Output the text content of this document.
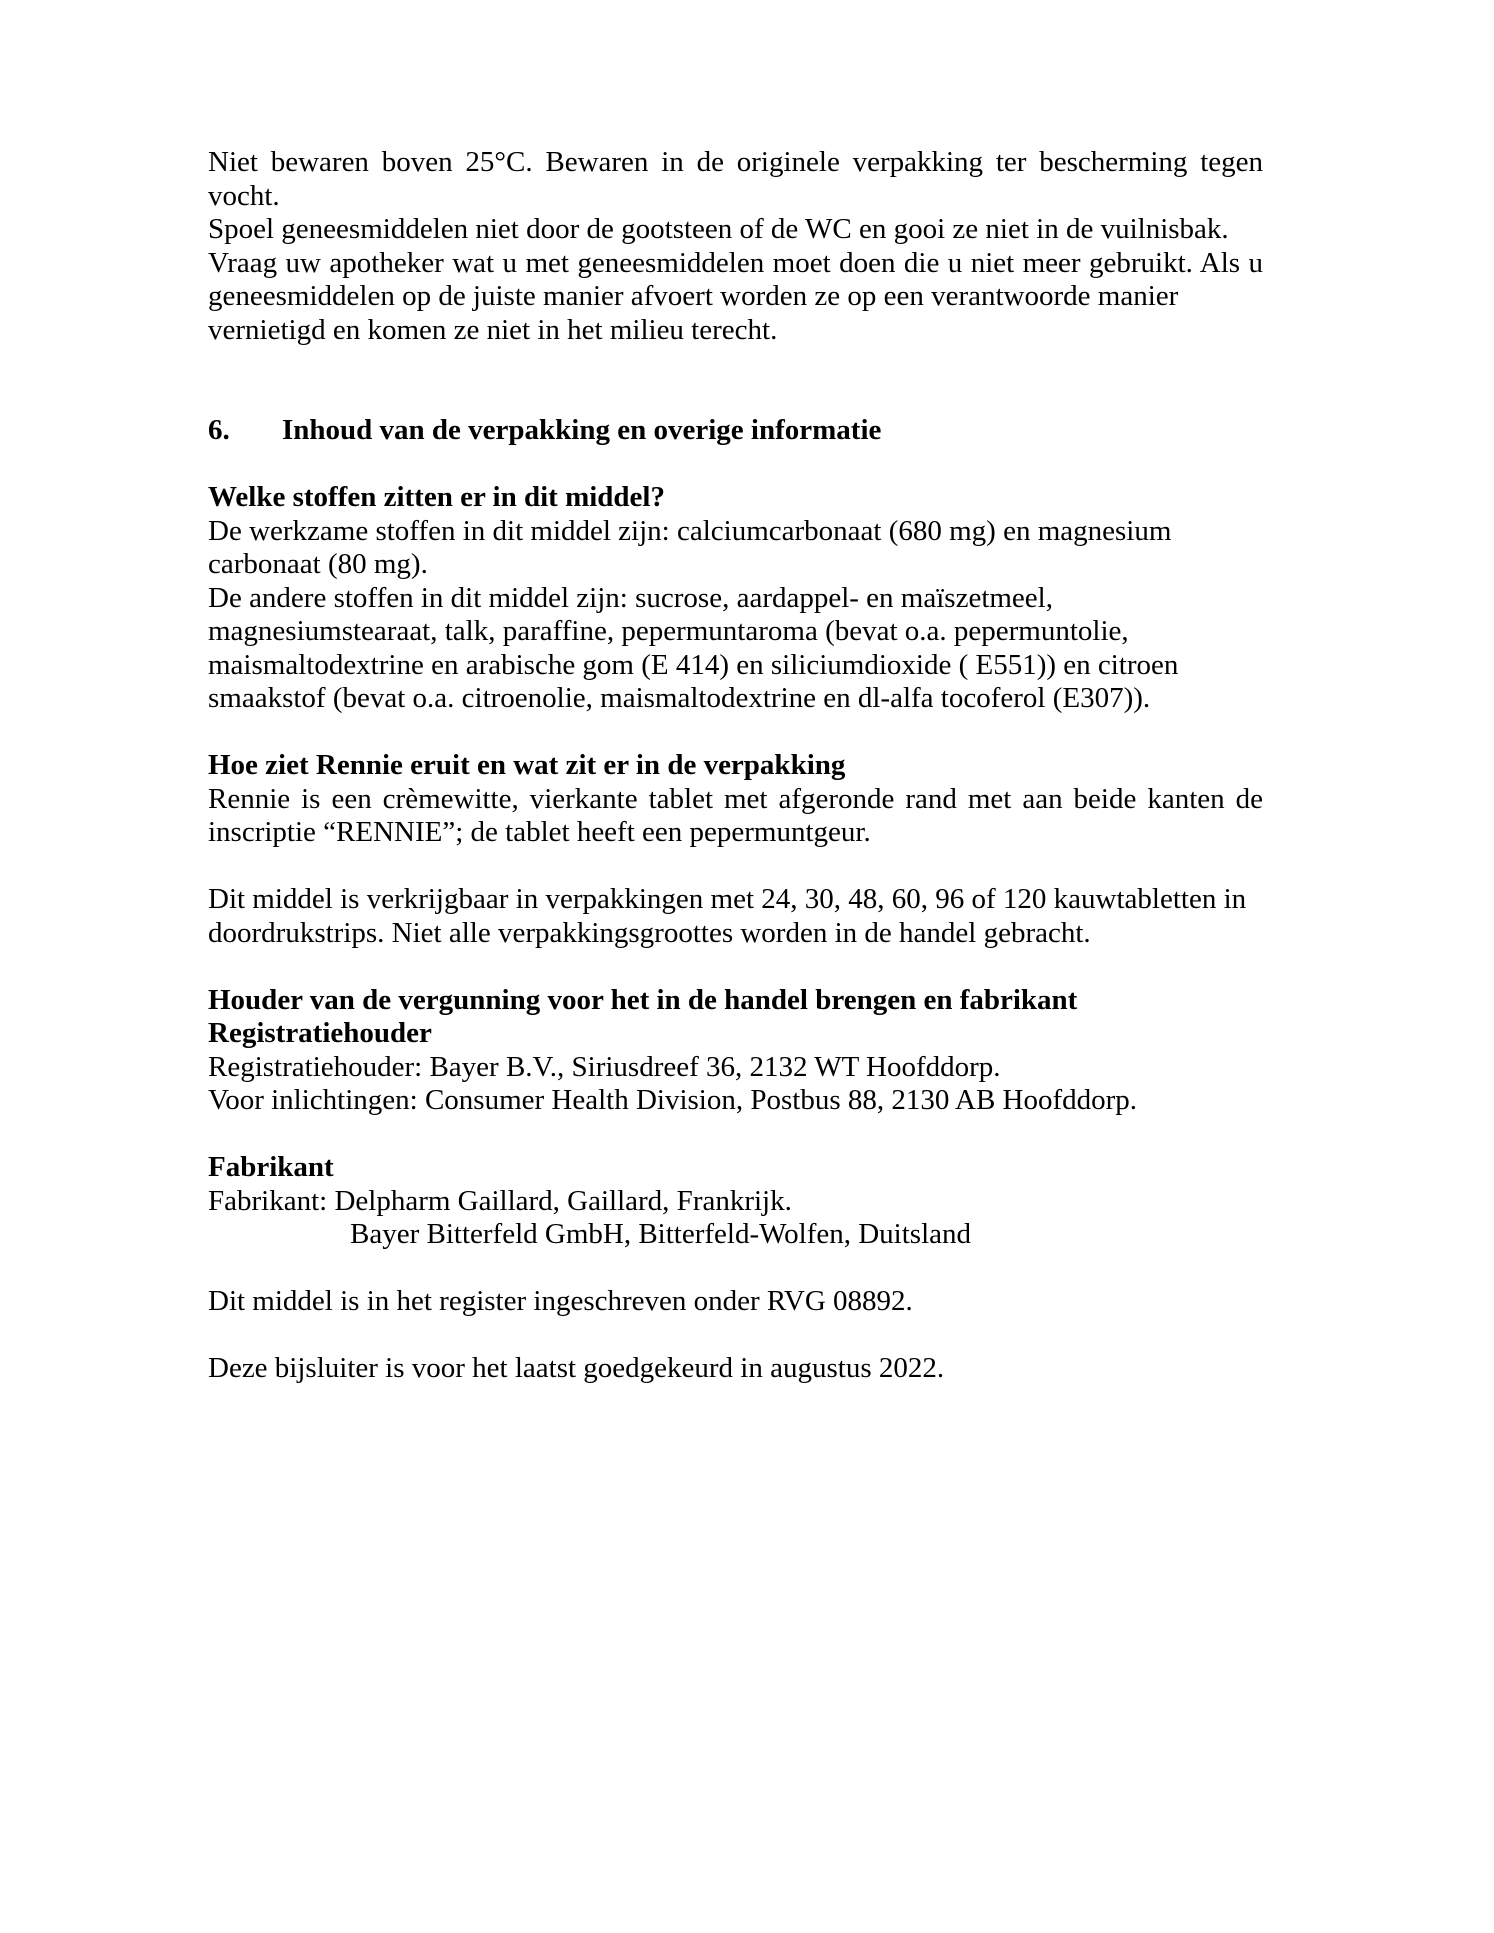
Niet bewaren boven 25°C. Bewaren in de originele verpakking ter bescherming tegen
vocht.
Spoel geneesmiddelen niet door de gootsteen of de WC en gooi ze niet in de vuilnisbak.
Vraag uw apotheker wat u met geneesmiddelen moet doen die u niet meer gebruikt. Als u
geneesmiddelen op de juiste manier afvoert worden ze op een verantwoorde manier
vernietigd en komen ze niet in het milieu terecht.
6. Inhoud van de verpakking en overige informatie
Welke stoffen zitten er in dit middel?
De werkzame stoffen in dit middel zijn: calciumcarbonaat (680 mg) en magnesium
carbonaat (80 mg).
De andere stoffen in dit middel zijn: sucrose, aardappel- en maïszetmeel,
magnesiumstearaat, talk, paraffine, pepermuntaroma (bevat o.a. pepermuntolie,
maismaltodextrine en arabische gom (E 414) en siliciumdioxide ( E551)) en citroen
smaakstof (bevat o.a. citroenolie, maismaltodextrine en dl-alfa tocoferol (E307)).
Hoe ziet Rennie eruit en wat zit er in de verpakking
Rennie is een crèmewitte, vierkante tablet met afgeronde rand met aan beide kanten de
inscriptie “RENNIE”; de tablet heeft een pepermuntgeur.
Dit middel is verkrijgbaar in verpakkingen met 24, 30, 48, 60, 96 of 120 kauwtabletten in
doordrukstrips. Niet alle verpakkingsgroottes worden in de handel gebracht.
Houder van de vergunning voor het in de handel brengen en fabrikant
Registratiehouder
Registratiehouder: Bayer B.V., Siriusdreef 36, 2132 WT Hoofddorp.
Voor inlichtingen: Consumer Health Division, Postbus 88, 2130 AB Hoofddorp.
Fabrikant
Fabrikant: Delpharm Gaillard, Gaillard, Frankrijk.
Bayer Bitterfeld GmbH, Bitterfeld-Wolfen, Duitsland
Dit middel is in het register ingeschreven onder RVG 08892.
Deze bijsluiter is voor het laatst goedgekeurd in augustus 2022.
